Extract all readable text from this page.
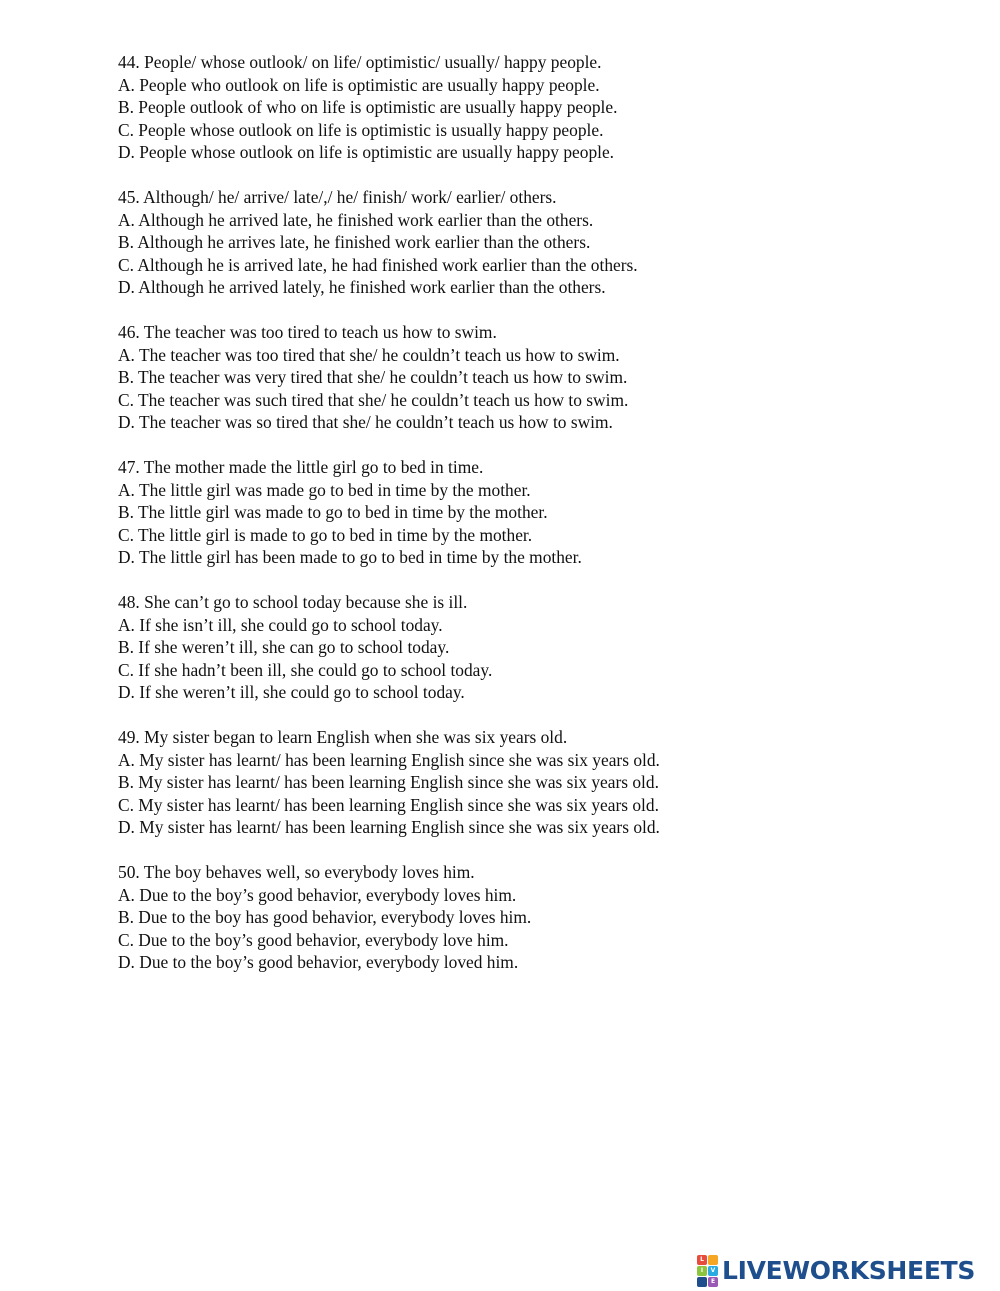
44. People/ whose outlook/ on life/ optimistic/ usually/ happy people.
A. People who outlook on life is optimistic are usually happy people.
B. People outlook of who on life is optimistic are usually happy people.
C. People whose outlook on life is optimistic is usually happy people.
D. People whose outlook on life is optimistic are usually happy people.
45. Although/ he/ arrive/ late/,/ he/ finish/ work/ earlier/ others.
A. Although he arrived late, he finished work earlier than the others.
B. Although he arrives late, he finished work earlier than the others.
C. Although he is arrived late, he had finished work earlier than the others.
D. Although he arrived lately, he finished work earlier than the others.
46. The teacher was too tired to teach us how to swim.
A. The teacher was too tired that she/ he couldn’t teach us how to swim.
B. The teacher was very tired that she/ he couldn’t teach us how to swim.
C. The teacher was such tired that she/ he couldn’t teach us how to swim.
D. The teacher was so tired that she/ he couldn’t teach us how to swim.
47. The mother made the little girl go to bed in time.
A. The little girl was made go to bed in time by the mother.
B. The little girl was made to go to bed in time by the mother.
C. The little girl is made to go to bed in time by the mother.
D. The little girl has been made to go to bed in time by the mother.
48. She can’t go to school today because she is ill.
A. If she isn’t ill, she could go to school today.
B. If she weren’t ill, she can go to school today.
C. If she hadn’t been ill, she could go to school today.
D. If she weren’t ill, she could go to school today.
49. My sister began to learn English when she was six years old.
A. My sister has learnt/ has been learning English since she was six years old.
B. My sister has learnt/ has been learning English since she was six years old.
C. My sister has learnt/ has been learning English since she was six years old.
D. My sister has learnt/ has been learning English since she was six years old.
50. The boy behaves well, so everybody loves him.
A. Due to the boy’s good behavior, everybody loves him.
B. Due to the boy has good behavior, everybody loves him.
C. Due to the boy’s good behavior, everybody love him.
D. Due to the boy’s good behavior, everybody loved him.
L
I	V
E LIVEWORKSHEETS
